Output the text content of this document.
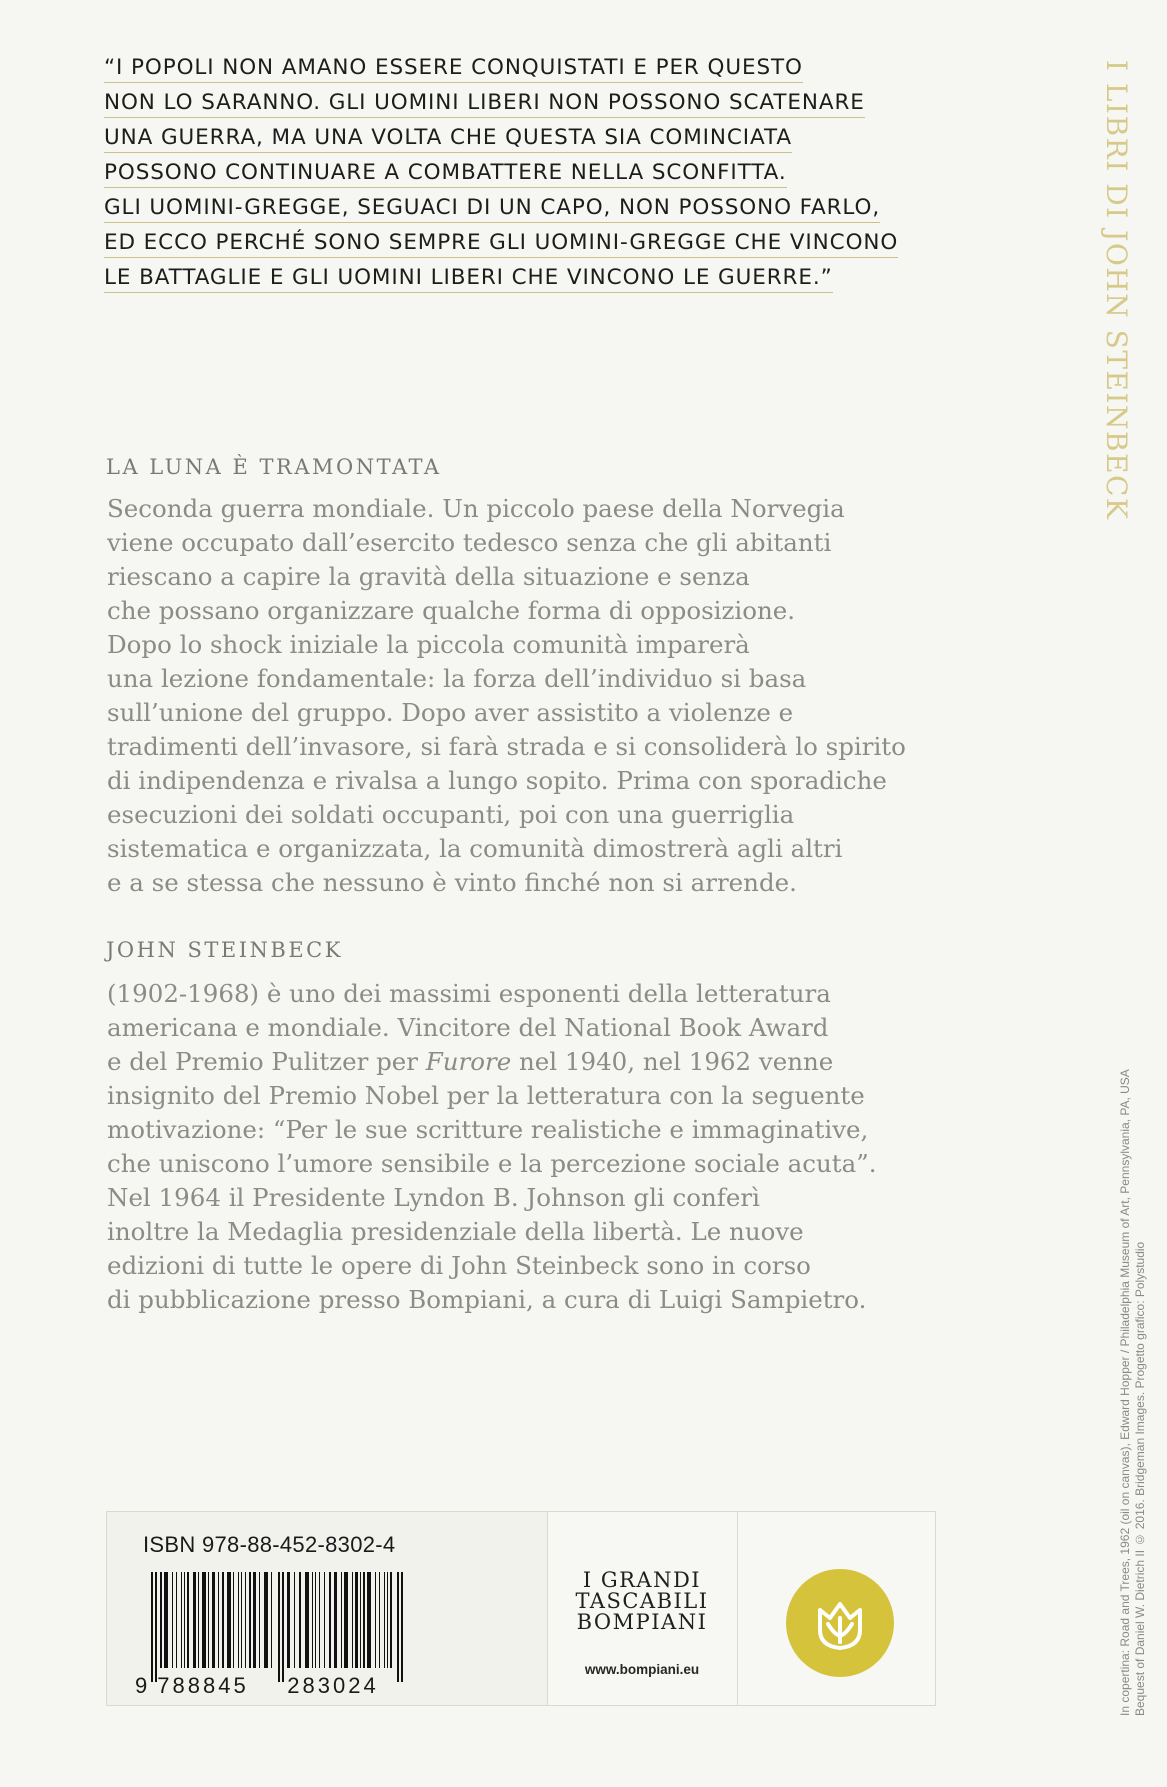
“I POPOLI NON AMANO ESSERE CONQUISTATI E PER QUESTO
NON LO SARANNO. GLI UOMINI LIBERI NON POSSONO SCATENARE
UNA GUERRA, MA UNA VOLTA CHE QUESTA SIA COMINCIATA
POSSONO CONTINUARE A COMBATTERE NELLA SCONFITTA.
GLI UOMINI-GREGGE, SEGUACI DI UN CAPO, NON POSSONO FARLO,
ED ECCO PERCHÉ SONO SEMPRE GLI UOMINI-GREGGE CHE VINCONO
LE BATTAGLIE E GLI UOMINI LIBERI CHE VINCONO LE GUERRE.”	I LIBRI DI JOHN STEINBECK
LA LUNA È TRAMONTATA
Seconda guerra mondiale. Un piccolo paese della Norvegia
viene occupato dall’esercito tedesco senza che gli abitanti
riescano a capire la gravità della situazione e senza
che possano organizzare qualche forma di opposizione.
Dopo lo shock iniziale la piccola comunità imparerà
una lezione fondamentale: la forza dell’individuo si basa
sull’unione del gruppo. Dopo aver assistito a violenze e
tradimenti dell’invasore, si farà strada e si consoliderà lo spirito
di indipendenza e rivalsa a lungo sopito. Prima con sporadiche
esecuzioni dei soldati occupanti, poi con una guerriglia
sistematica e organizzata, la comunità dimostrerà agli altri
e a se stessa che nessuno è vinto finché non si arrende.
JOHN STEINBECK
(1902-1968) è uno dei massimi esponenti della letteratura
americana e mondiale. Vincitore del National Book Award
e del Premio Pulitzer per Furore nel 1940, nel 1962 venne
insignito del Premio Nobel per la letteratura con la seguente
motivazione: “Per le sue scritture realistiche e immaginative,
che uniscono l’umore sensibile e la percezione sociale acuta”.
Nel 1964 il Presidente Lyndon B. Johnson gli conferì
inoltre la Medaglia presidenziale della libertà. Le nuove
edizioni di tutte le opere di John Steinbeck sono in corso
di pubblicazione presso Bompiani, a cura di Luigi Sampietro.
ISBN 978-88-452-8302-4
9 788845 283024
I GRANDI
TASCABILI
BOMPIANI
www.bompiani.eu	In copertina: Road and Trees, 1962 (oil on canvas), Edward Hopper / Philadelphia Museum of Art, Pennsylvania, PA, USA Bequest of Daniel W. Dietrich II © 2016. Bridgeman Images. Progetto grafico: Polystudio
